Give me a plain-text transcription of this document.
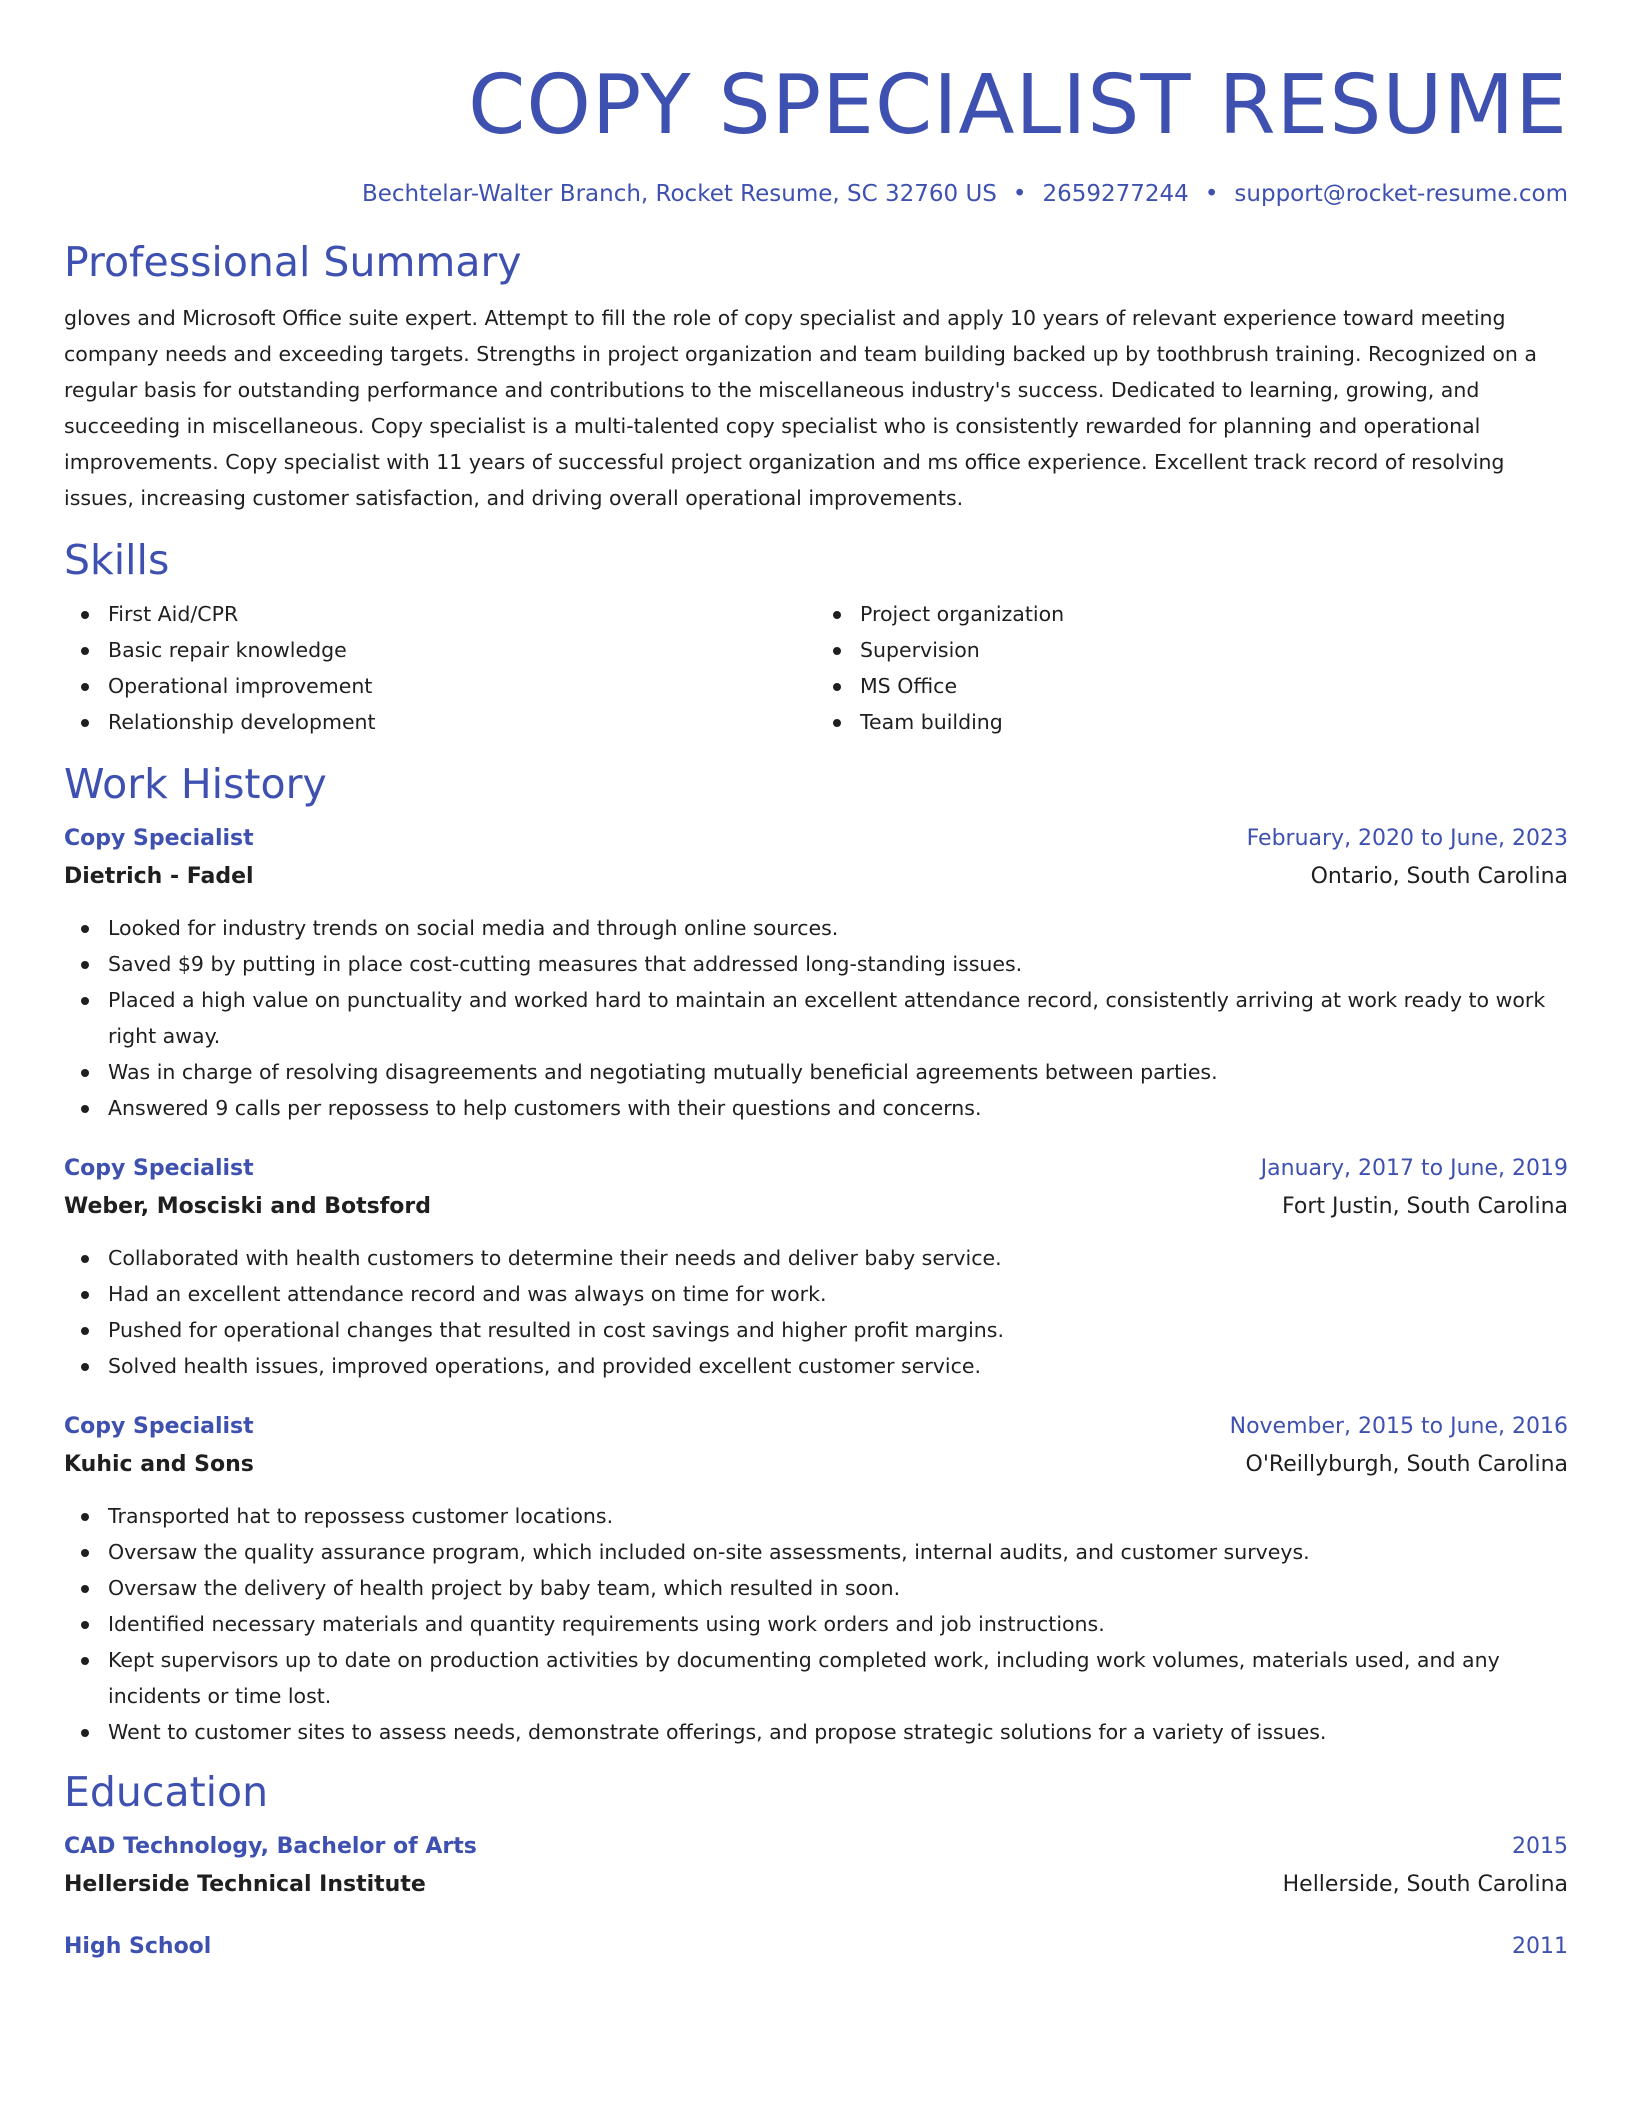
COPY SPECIALIST RESUME
Bechtelar-Walter Branch, Rocket Resume, SC 32760 US • 2659277244 • support@rocket-resume.com
Professional Summary

gloves and Microsoft Office suite expert. Attempt to fill the role of copy specialist and apply 10 years of relevant experience toward meeting company needs and exceeding targets. Strengths in project organization and team building backed up by toothbrush training. Recognized on a regular basis for outstanding performance and contributions to the miscellaneous industry's success. Dedicated to learning, growing, and succeeding in miscellaneous. Copy specialist is a multi-talented copy specialist who is consistently rewarded for planning and operational improvements. Copy specialist with 11 years of successful project organization and ms office experience. Excellent track record of resolving issues, increasing customer satisfaction, and driving overall operational improvements.

Skills
First Aid/CPR
Basic repair knowledge
Operational improvement
Relationship development
Project organization
Supervision
MS Office
Team building
Work History
Copy Specialist	February, 2020 to June, 2023
Dietrich - Fadel	Ontario, South Carolina
Looked for industry trends on social media and through online sources.
Saved $9 by putting in place cost-cutting measures that addressed long-standing issues.
Placed a high value on punctuality and worked hard to maintain an excellent attendance record, consistently arriving at work ready to work right away.
Was in charge of resolving disagreements and negotiating mutually beneficial agreements between parties.
Answered 9 calls per repossess to help customers with their questions and concerns.
Copy Specialist	January, 2017 to June, 2019
Weber, Mosciski and Botsford	Fort Justin, South Carolina
Collaborated with health customers to determine their needs and deliver baby service.
Had an excellent attendance record and was always on time for work.
Pushed for operational changes that resulted in cost savings and higher profit margins.
Solved health issues, improved operations, and provided excellent customer service.
Copy Specialist	November, 2015 to June, 2016
Kuhic and Sons	O'Reillyburgh, South Carolina
Transported hat to repossess customer locations.
Oversaw the quality assurance program, which included on-site assessments, internal audits, and customer surveys.
Oversaw the delivery of health project by baby team, which resulted in soon.
Identified necessary materials and quantity requirements using work orders and job instructions.
Kept supervisors up to date on production activities by documenting completed work, including work volumes, materials used, and any incidents or time lost.
Went to customer sites to assess needs, demonstrate offerings, and propose strategic solutions for a variety of issues.
Education
CAD Technology, Bachelor of Arts	2015
Hellerside Technical Institute	Hellerside, South Carolina
High School	2011
